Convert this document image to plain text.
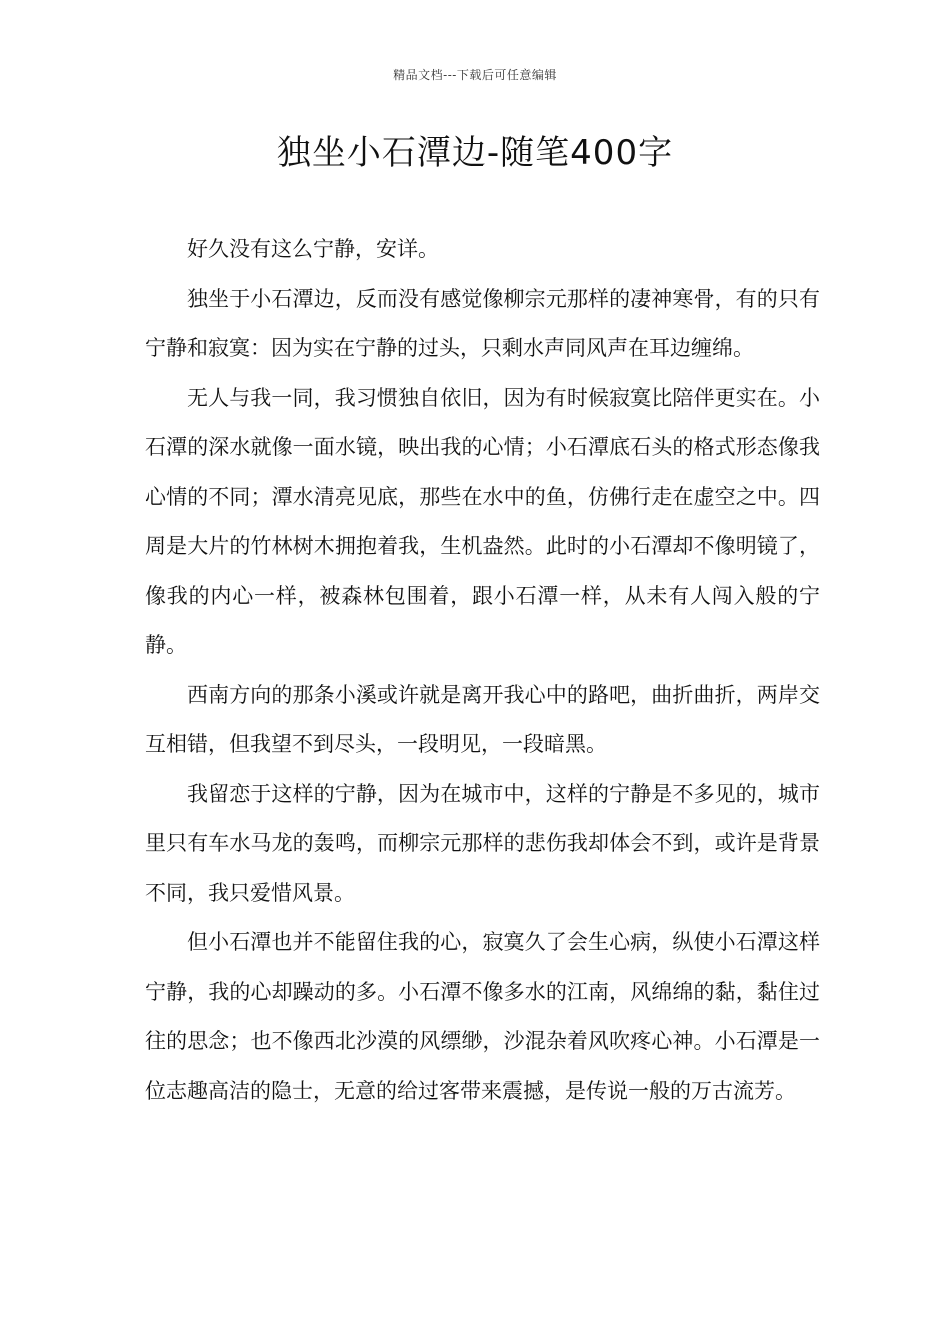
精品文档---下载后可任意编辑
独坐小石潭边-随笔400字

好久没有这么宁静，安详。

独坐于小石潭边，反而没有感觉像柳宗元那样的凄神寒骨，有的只有宁静和寂寞：因为实在宁静的过头，只剩水声同风声在耳边缠绵。

无人与我一同，我习惯独自依旧，因为有时候寂寞比陪伴更实在。小石潭的深水就像一面水镜，映出我的心情；小石潭底石头的格式形态像我心情的不同；潭水清亮见底，那些在水中的鱼，仿佛行走在虚空之中。四周是大片的竹林树木拥抱着我，生机盎然。此时的小石潭却不像明镜了，像我的内心一样，被森林包围着，跟小石潭一样，从未有人闯入般的宁静。

西南方向的那条小溪或许就是离开我心中的路吧，曲折曲折，两岸交互相错，但我望不到尽头，一段明见，一段暗黑。

我留恋于这样的宁静，因为在城市中，这样的宁静是不多见的，城市里只有车水马龙的轰鸣，而柳宗元那样的悲伤我却体会不到，或许是背景不同，我只爱惜风景。

但小石潭也并不能留住我的心，寂寞久了会生心病，纵使小石潭这样宁静，我的心却躁动的多。小石潭不像多水的江南，风绵绵的黏，黏住过往的思念；也不像西北沙漠的风缥缈，沙混杂着风吹疼心神。小石潭是一位志趣高洁的隐士，无意的给过客带来震撼，是传说一般的万古流芳。
